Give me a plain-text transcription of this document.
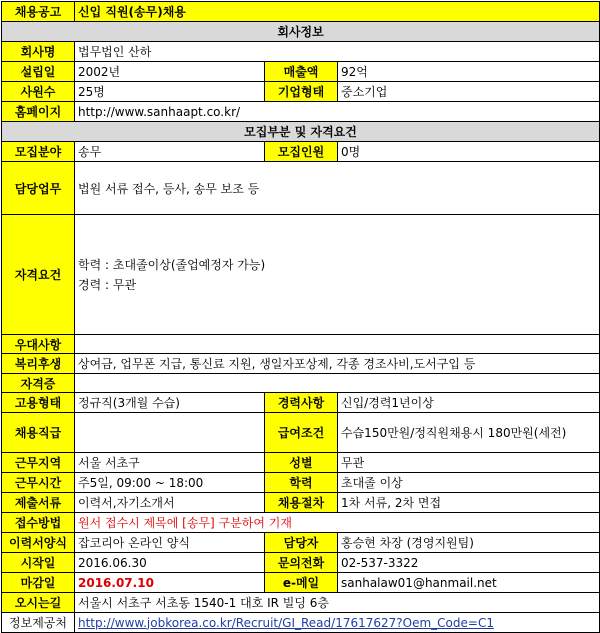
채용공고	신입 직원(송무)채용		
회사정보			
회사명	법무법인 산하		
설립일	2002년	매출액	92억
사원수	25명	기업형태	중소기업
홈페이지	http://www.sanhaapt.co.kr/		
모집부분 및 자격요건			
모집분야	송무	모집인원	0명
담당업무	법원 서류 접수, 등사, 송무 보조 등		
자격요건	학력 : 초대졸이상(졸업예정자 가능)
경력 : 무관		

우대사항			
복리후생	상여금, 업무폰 지급, 통신료 지원, 생일자포상제, 각종 경조사비,도서구입 등		
자격증			
고용형태	정규직(3개월 수습)	경력사항	신입/경력1년이상
채용직급		급여조건	수습150만원/정직원채용시 180만원(세전)
근무지역	서울 서초구	성별	무관
근무시간	주5일, 09:00 ~ 18:00	학력	초대졸 이상
제출서류	이력서,자기소개서	채용절차	1차 서류, 2차 면접
접수방법	원서 접수시 제목에 [송무] 구분하여 기재		
이력서양식	잡코리아 온라인 양식	담당자	홍승현 차장 (경영지원팀)
시작일	2016.06.30	문의전화	02-537-3322
마감일	2016.07.10	e-메일	sanhalaw01@hanmail.net
오시는길	서울시 서초구 서초동 1540-1 대호 IR 빌딩 6층		
정보제공처	http://www.jobkorea.co.kr/Recruit/GI_Read/17617627?Oem_Code=C1		
